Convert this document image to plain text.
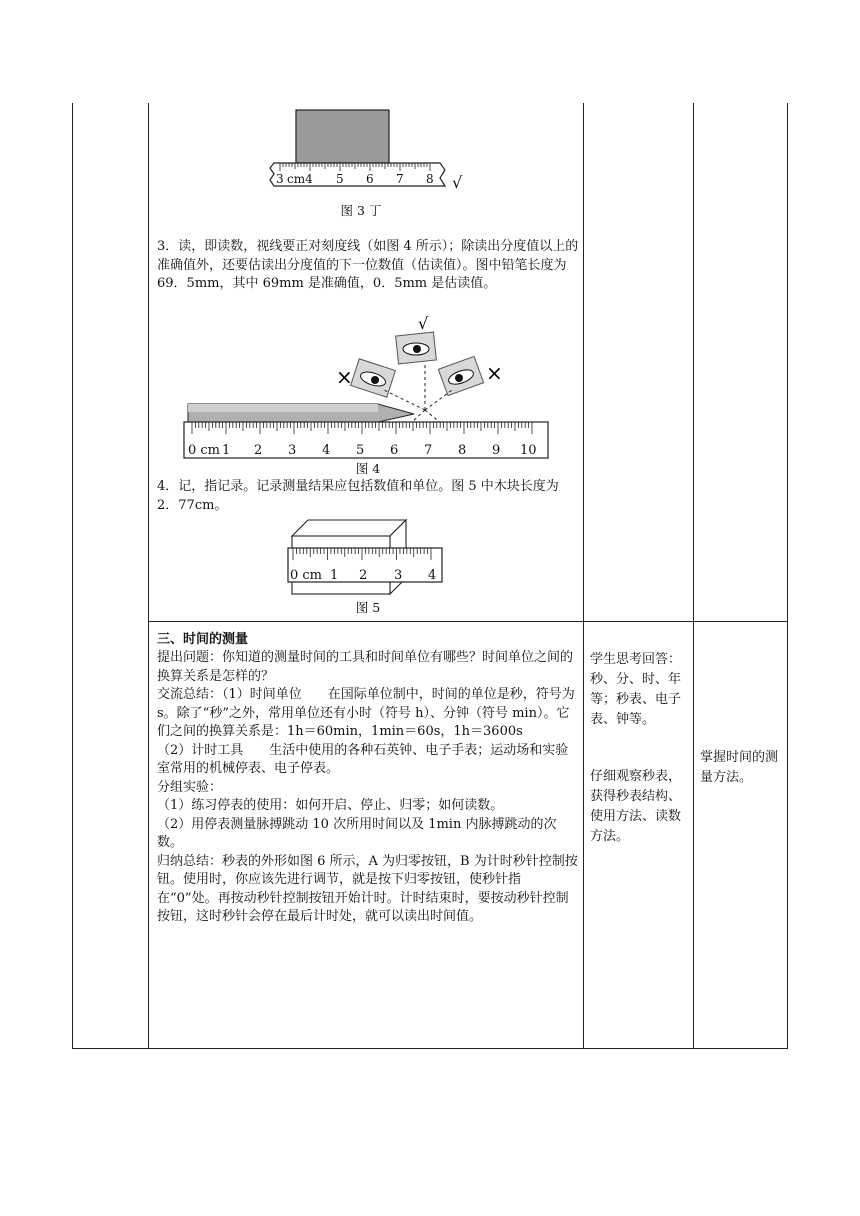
3 cm4 5 6 7 8 √
图 3 丁
3．读，即读数，视线要正对刻度线（如图 4 所示）；除读出分度值以上的准确值外，还要估读出分度值的下一位数值（估读值）。图中铅笔长度为 69．5mm，其中 69mm 是准确值，0．5mm 是估读值。
√
×	×
0 cm 1 2 3 4 5 6 7 8 9 10
图 4
4．记，指记录。记录测量结果应包括数值和单位。图 5 中木块长度为 2．77cm。
0 cm 1 2 3 4
图 5
三、时间的测量

提出问题：你知道的测量时间的工具和时间单位有哪些？时间单位之间的换算关系是怎样的？

交流总结：（1）时间单位　　在国际单位制中，时间的单位是秒，符号为 s。除了“秒”之外，常用单位还有小时（符号 h）、分钟（符号 min）。它们之间的换算关系是：1h＝60min，1min＝60s，1h＝3600s

（2）计时工具　　生活中使用的各种石英钟、电子手表；运动场和实验室常用的机械停表、电子停表。

分组实验：

（1）练习停表的使用：如何开启、停止、归零；如何读数。

（2）用停表测量脉搏跳动 10 次所用时间以及 1min 内脉搏跳动的次数。

归纳总结：秒表的外形如图 6 所示，A 为归零按钮，B 为计时秒针控制按钮。使用时，你应该先进行调节，就是按下归零按钮，使秒针指在“0”处。再按动秒针控制按钮开始计时。计时结束时，要按动秒针控制按钮，这时秒针会停在最后计时处，就可以读出时间值。

学生思考回答：秒、分、时、年等；秒表、电子表、钟等。
仔细观察秒表，获得秒表结构、使用方法、读数方法。
掌握时间的测量方法。
